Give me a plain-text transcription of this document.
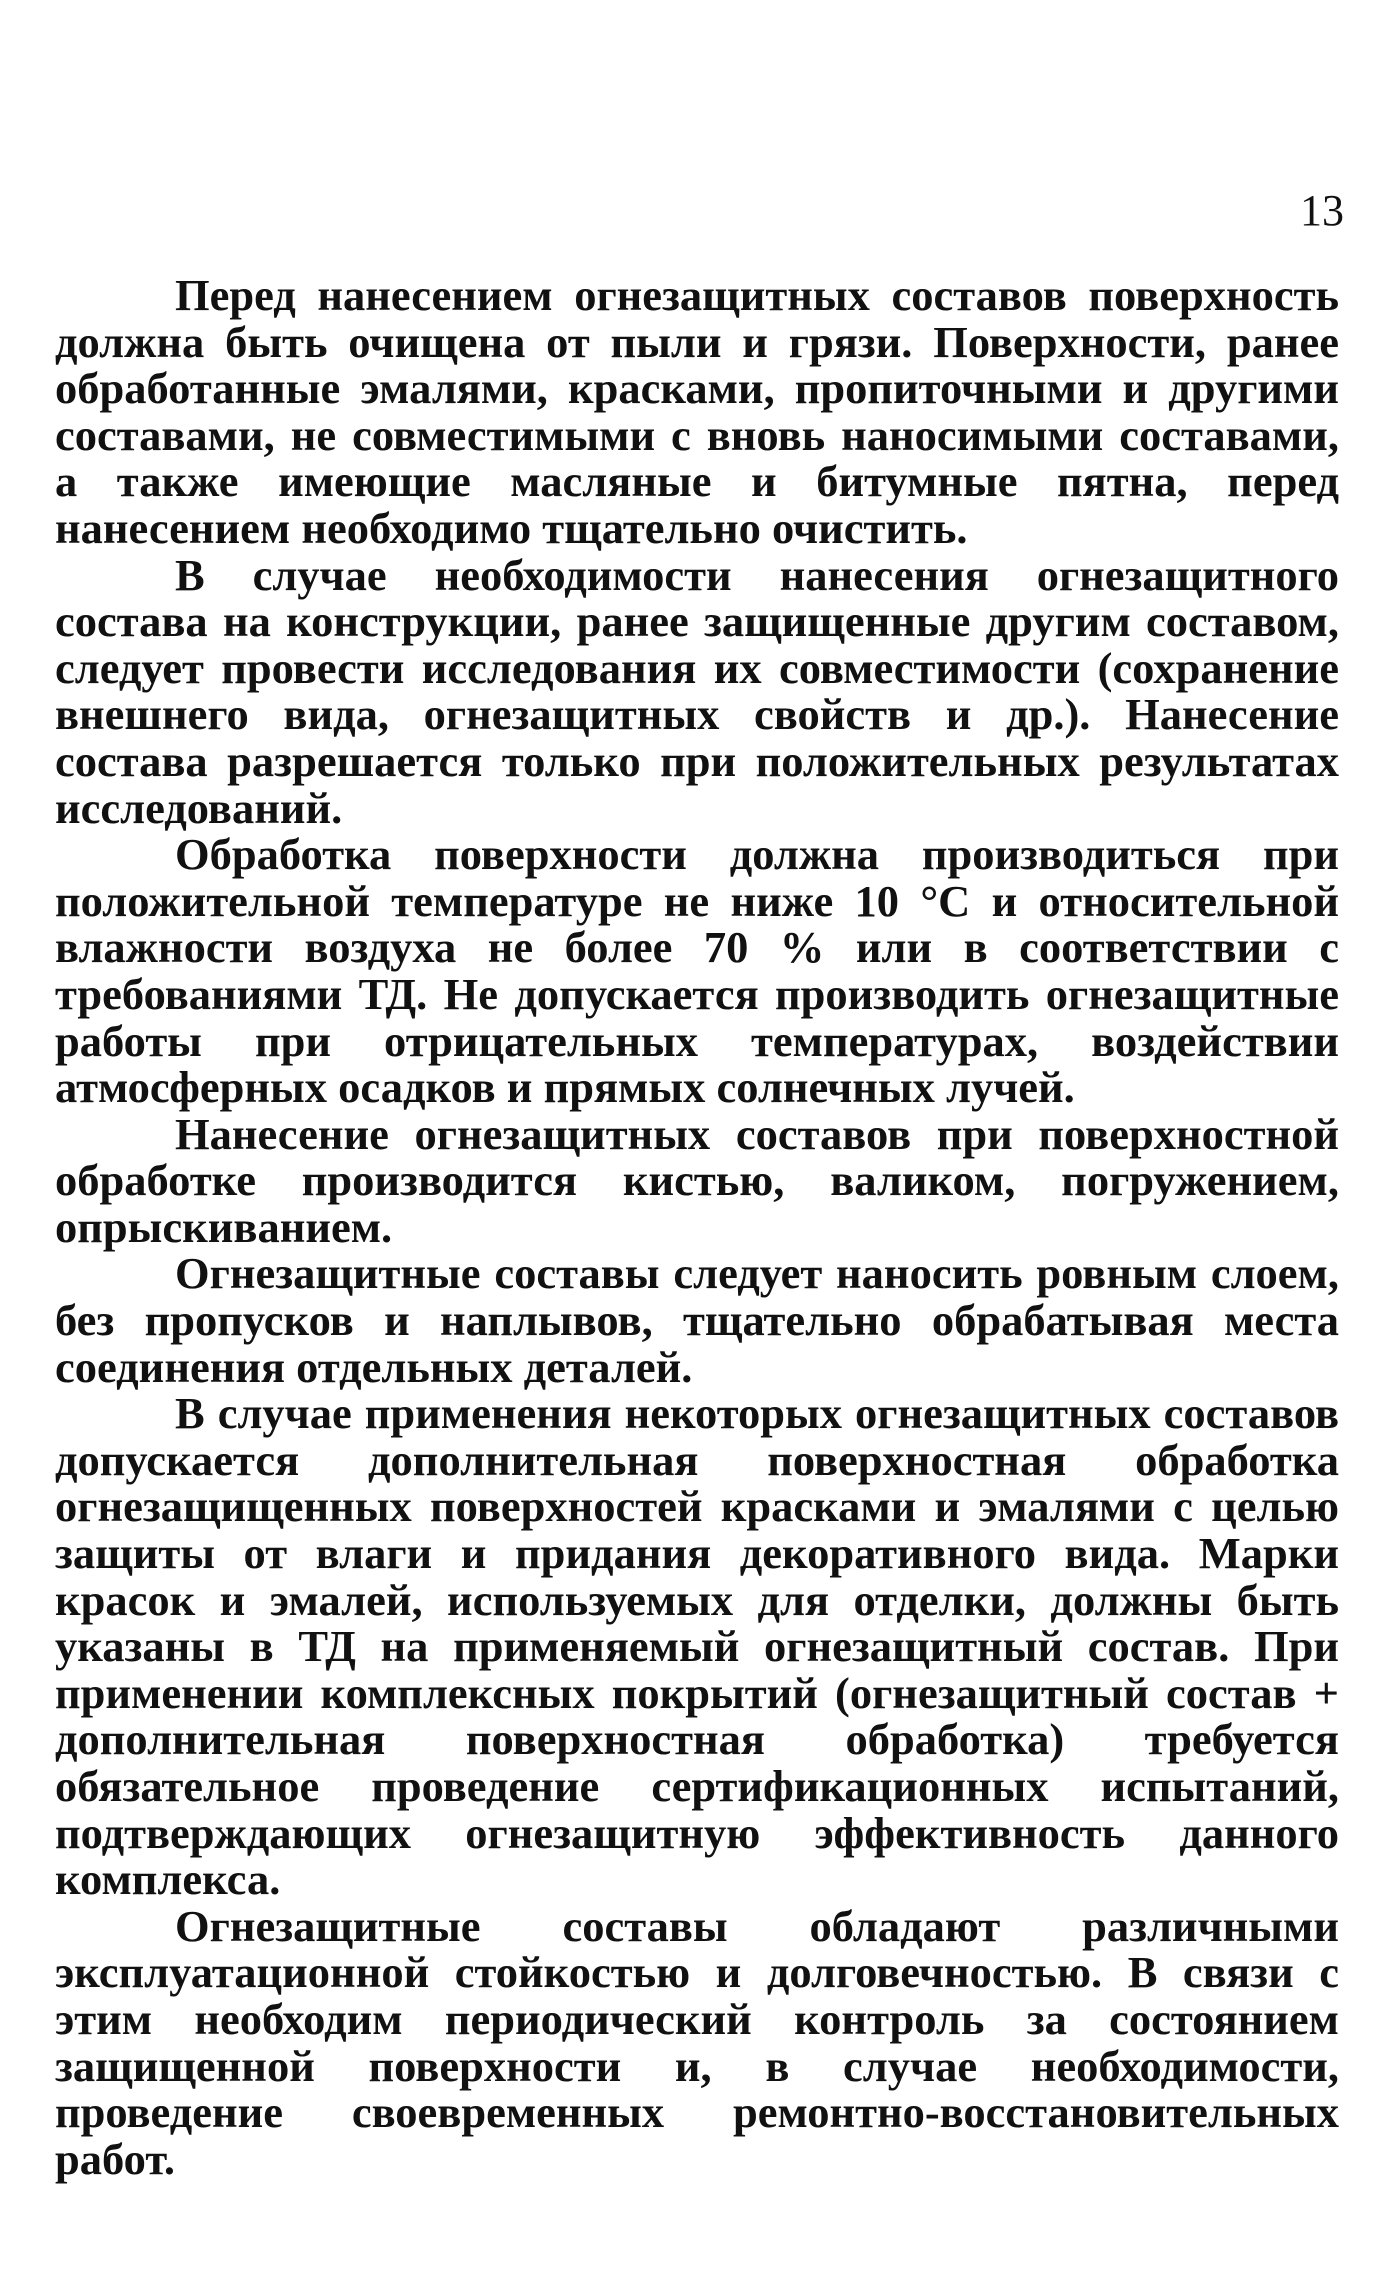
13

Перед нанесением огнезащитных составов поверхность должна быть очищена от пыли и грязи. Поверхности, ранее обработанные эмалями, красками, пропиточными и другими составами, не совместимыми с вновь наносимыми составами, а также имеющие масляные и битумные пятна, перед нанесением необходимо тщательно очистить.

В случае необходимости нанесения огнезащитного состава на конструкции, ранее защищенные другим составом, следует провести исследования их совместимости (сохранение внешнего вида, огнезащитных свойств и др.). Нанесение состава разрешается только при положительных результатах исследований.

Обработка поверхности должна производиться при положительной температуре не ниже 10 °С и относительной влажности воздуха не более 70 % или в соответствии с требованиями ТД. Не допускается производить огнезащитные работы при отрицательных температурах, воздействии атмосферных осадков и прямых солнечных лучей.

Нанесение огнезащитных составов при поверхностной обработке производится кистью, валиком, погружением, опрыскиванием.

Огнезащитные составы следует наносить ровным слоем, без пропусков и наплывов, тщательно обрабатывая места соединения отдельных деталей.

В случае применения некоторых огнезащитных составов допускается дополнительная поверхностная обработка огнезащищенных поверхностей красками и эмалями с целью защиты от влаги и придания декоративного вида. Марки красок и эмалей, используемых для отделки, должны быть указаны в ТД на применяемый огнезащитный состав. При применении комплексных покрытий (огнезащитный состав + дополнительная поверхностная обработка) требуется обязательное проведение сертификационных испытаний, подтверждающих огнезащитную эффективность данного комплекса.

Огнезащитные составы обладают различными эксплуатационной стойкостью и долговечностью. В связи с этим необходим периодический контроль за состоянием защищенной поверхности и, в случае необходимости, проведение своевременных ремонтно-восстановительных работ.
